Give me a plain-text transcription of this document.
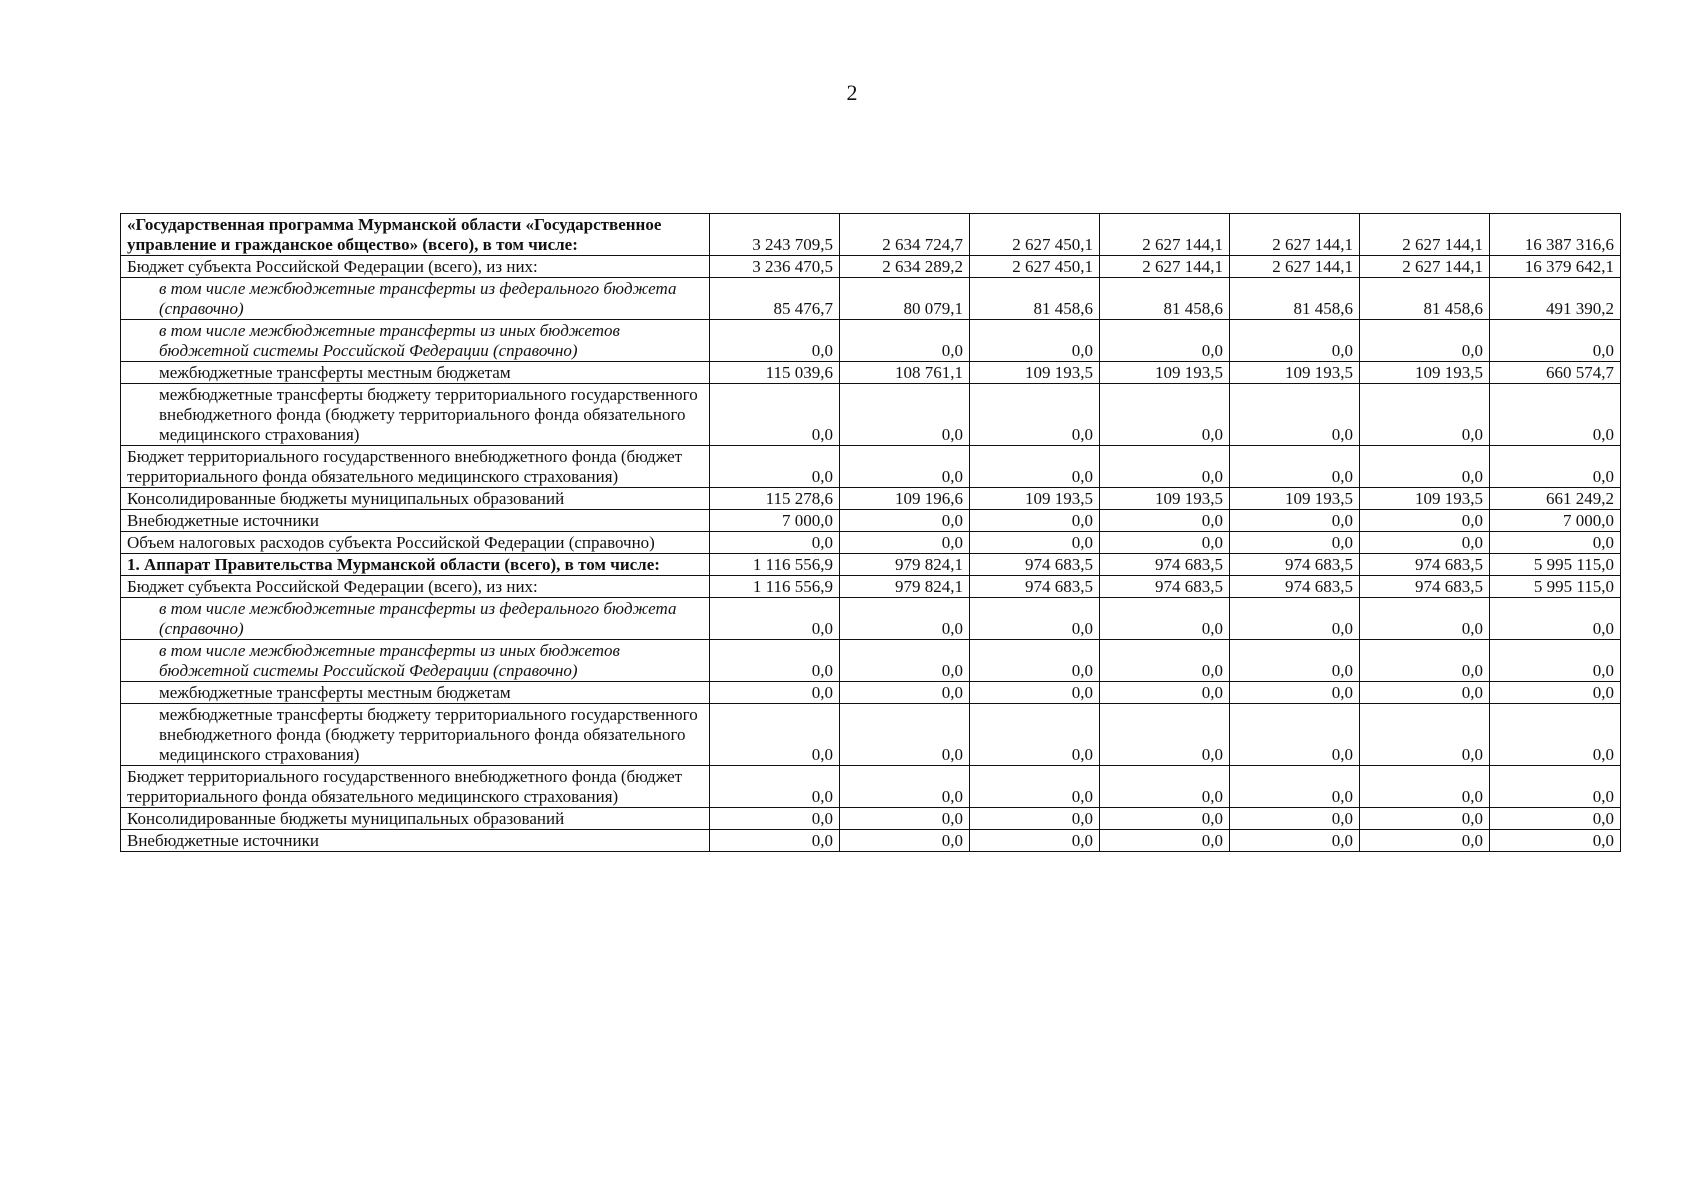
2
«Государственная программа Мурманской области «Государственное управление и гражданское общество» (всего), в том числе:	3 243 709,5	2 634 724,7	2 627 450,1	2 627 144,1	2 627 144,1	2 627 144,1	16 387 316,6
Бюджет субъекта Российской Федерации (всего), из них:	3 236 470,5	2 634 289,2	2 627 450,1	2 627 144,1	2 627 144,1	2 627 144,1	16 379 642,1
в том числе межбюджетные трансферты из федерального бюджета (справочно)	85 476,7	80 079,1	81 458,6	81 458,6	81 458,6	81 458,6	491 390,2
в том числе межбюджетные трансферты из иных бюджетов бюджетной системы Российской Федерации (справочно)	0,0	0,0	0,0	0,0	0,0	0,0	0,0
межбюджетные трансферты местным бюджетам	115 039,6	108 761,1	109 193,5	109 193,5	109 193,5	109 193,5	660 574,7
межбюджетные трансферты бюджету территориального государственного внебюджетного фонда (бюджету территориального фонда обязательного медицинского страхования)	0,0	0,0	0,0	0,0	0,0	0,0	0,0
Бюджет территориального государственного внебюджетного фонда (бюджет территориального фонда обязательного медицинского страхования)	0,0	0,0	0,0	0,0	0,0	0,0	0,0
Консолидированные бюджеты муниципальных образований	115 278,6	109 196,6	109 193,5	109 193,5	109 193,5	109 193,5	661 249,2
Внебюджетные источники	7 000,0	0,0	0,0	0,0	0,0	0,0	7 000,0
Объем налоговых расходов субъекта Российской Федерации (справочно)	0,0	0,0	0,0	0,0	0,0	0,0	0,0
1. Аппарат Правительства Мурманской области (всего), в том числе:	1 116 556,9	979 824,1	974 683,5	974 683,5	974 683,5	974 683,5	5 995 115,0
Бюджет субъекта Российской Федерации (всего), из них:	1 116 556,9	979 824,1	974 683,5	974 683,5	974 683,5	974 683,5	5 995 115,0
в том числе межбюджетные трансферты из федерального бюджета (справочно)	0,0	0,0	0,0	0,0	0,0	0,0	0,0
в том числе межбюджетные трансферты из иных бюджетов бюджетной системы Российской Федерации (справочно)	0,0	0,0	0,0	0,0	0,0	0,0	0,0
межбюджетные трансферты местным бюджетам	0,0	0,0	0,0	0,0	0,0	0,0	0,0
межбюджетные трансферты бюджету территориального государственного внебюджетного фонда (бюджету территориального фонда обязательного медицинского страхования)	0,0	0,0	0,0	0,0	0,0	0,0	0,0
Бюджет территориального государственного внебюджетного фонда (бюджет территориального фонда обязательного медицинского страхования)	0,0	0,0	0,0	0,0	0,0	0,0	0,0
Консолидированные бюджеты муниципальных образований	0,0	0,0	0,0	0,0	0,0	0,0	0,0
Внебюджетные источники	0,0	0,0	0,0	0,0	0,0	0,0	0,0
